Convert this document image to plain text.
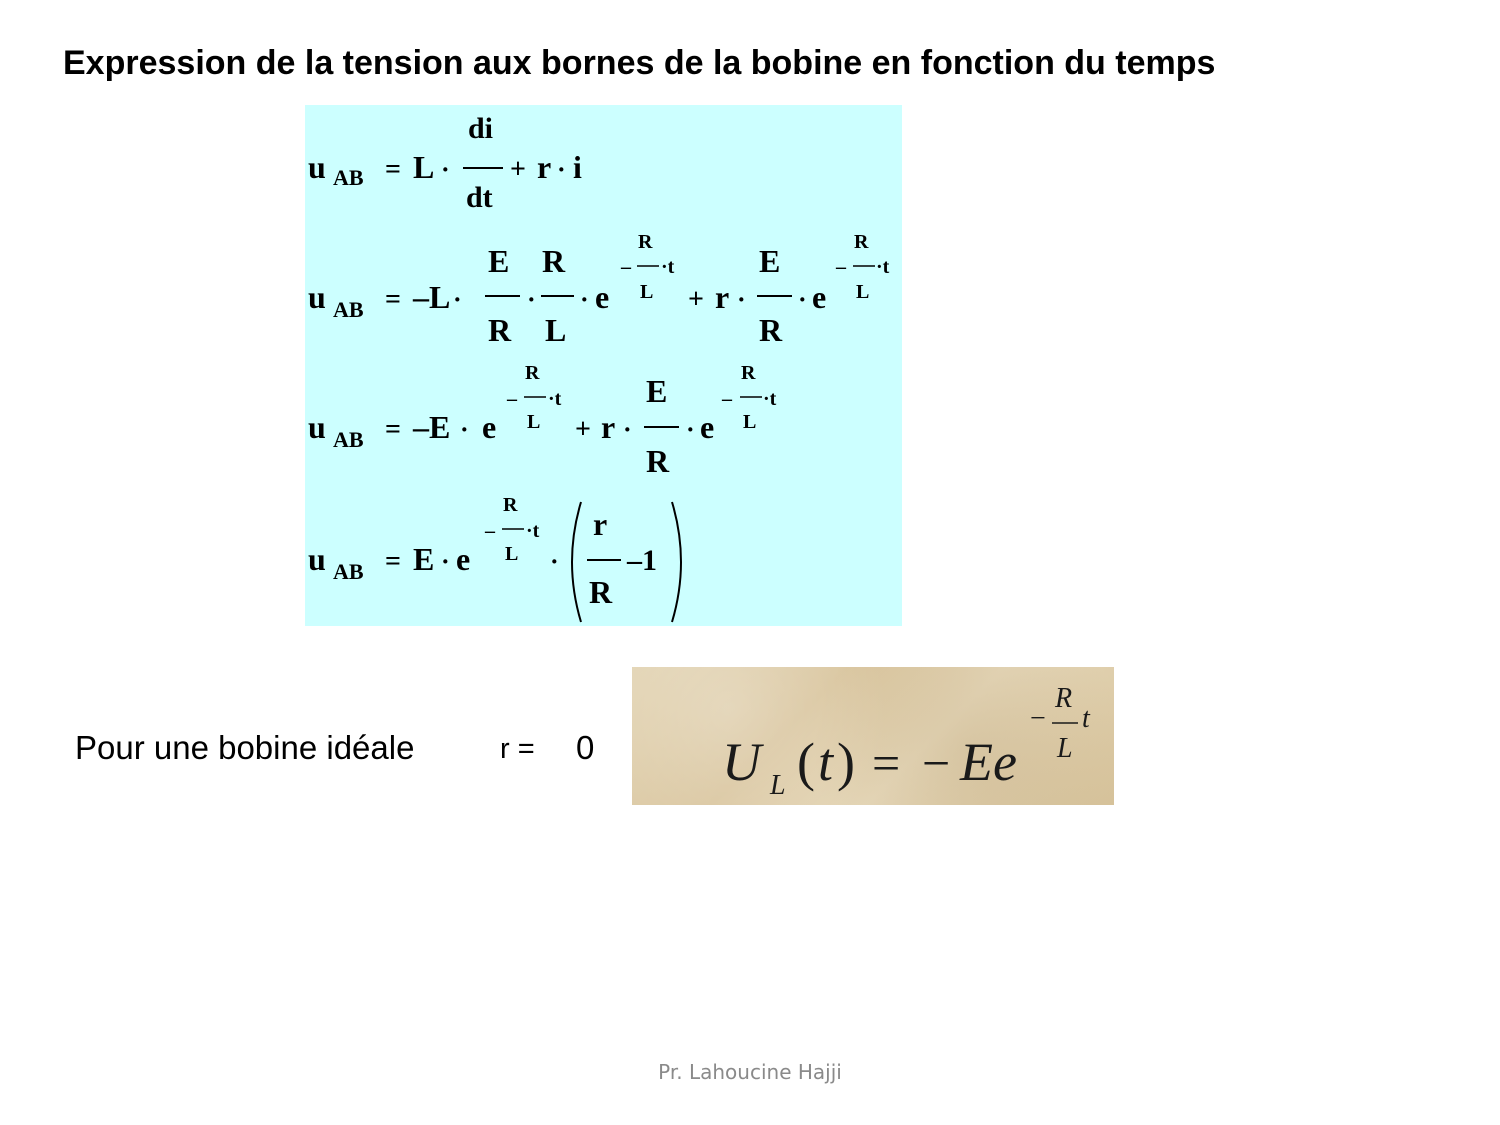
Expression de la tension aux bornes de la bobine en fonction du temps
u AB = L ·
di
dt
+ r · i
u AB = –L ·
E
R
·
R
L
· e
–
R
L
·t
+ r ·
E
R
· e
–
R
L
·t
u AB = –E · e
–
R
L
·t
+ r ·
E
R
· e
–
R
L
·t
u AB = E · e
–
R
L
·t
·
r
R
–1
Pour une bobine idéale	r = 0 U L ( t ) = − Ee
−
R
L
t
Pr. Lahoucine Hajji
